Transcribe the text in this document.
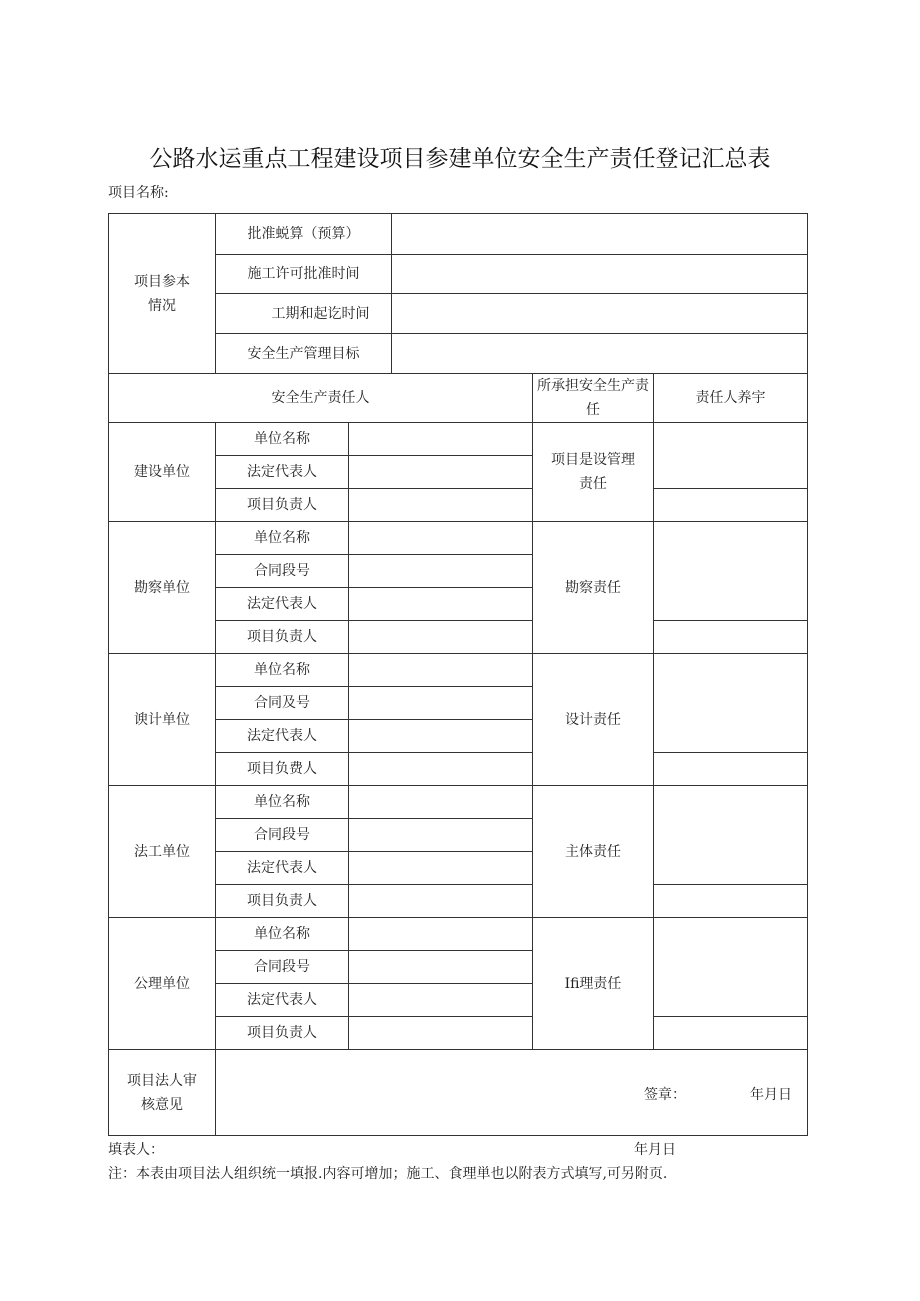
公路水运重点工程建设项目参建单位安全生产责任登记汇总表
项目名称:
项目参本情况	批准蜕算（预算）				
	施工许可批准时间				
	工期和起讫时间				
	安全生产管理目标				
安全生产责任人				所承担安全生产责任	责任人养宇
建设单位	单位名称			项目是设管理责任	

	法定代表人				
	项目负责人				
勘察单位	单位名称			勘察责任	
	合同段号				
	法定代表人				
	项目负责人				
谀计单位	单位名称			设计责任	
	合同及号				
	法定代表人				
	项目负费人				
法工单位	单位名称			主体责任	
	合同段号				
	法定代表人				
	项目负责人				
公理单位	单位名称			Ifi理责任	
	合同段号				
	法定代表人				
	项目负责人				

项目法人审核意见	签章： 年月日				
填表人：	年月日
注：本表由项目法人组织统一填报.内容可增加；施工、食理単也以附表方式填写,可另附页.
